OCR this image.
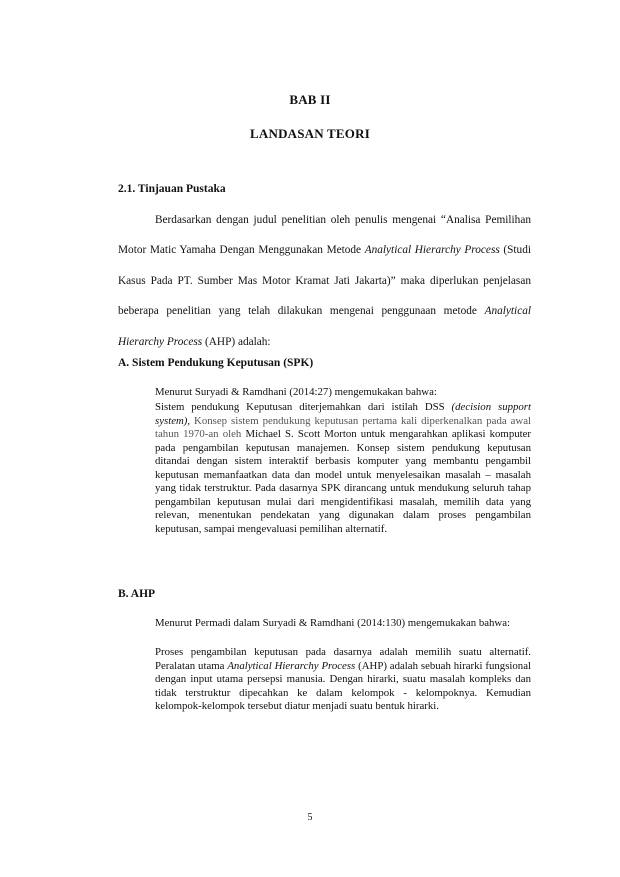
BAB II
LANDASAN TEORI
2.1. Tinjauan Pustaka

Berdasarkan dengan judul penelitian oleh penulis mengenai “Analisa Pemilihan Motor Matic Yamaha Dengan Menggunakan Metode Analytical Hierarchy Process (Studi Kasus Pada PT. Sumber Mas Motor Kramat Jati Jakarta)” maka diperlukan penjelasan beberapa penelitian yang telah dilakukan mengenai penggunaan metode Analytical Hierarchy Process (AHP) adalah:

A. Sistem Pendukung Keputusan (SPK)

Menurut Suryadi & Ramdhani (2014:27) mengemukakan bahwa:

Sistem pendukung Keputusan diterjemahkan dari istilah DSS (decision support system), Konsep sistem pendukung keputusan pertama kali diperkenalkan pada awal tahun 1970-an oleh Michael S. Scott Morton untuk mengarahkan aplikasi komputer pada pengambilan keputusan manajemen. Konsep sistem pendukung keputusan ditandai dengan sistem interaktif berbasis komputer yang membantu pengambil keputusan memanfaatkan data dan model untuk menyelesaikan masalah – masalah yang tidak terstruktur. Pada dasarnya SPK dirancang untuk mendukung seluruh tahap pengambilan keputusan mulai dari mengidentifikasi masalah, memilih data yang relevan, menentukan pendekatan yang digunakan dalam proses pengambilan keputusan, sampai mengevaluasi pemilihan alternatif.

B. AHP

Menurut Permadi dalam Suryadi & Ramdhani (2014:130) mengemukakan bahwa:

Proses pengambilan keputusan pada dasarnya adalah memilih suatu alternatif. Peralatan utama Analytical Hierarchy Process (AHP) adalah sebuah hirarki fungsional dengan input utama persepsi manusia. Dengan hirarki, suatu masalah kompleks dan tidak terstruktur dipecahkan ke dalam kelompok - kelompoknya. Kemudian kelompok-kelompok tersebut diatur menjadi suatu bentuk hirarki.

5
